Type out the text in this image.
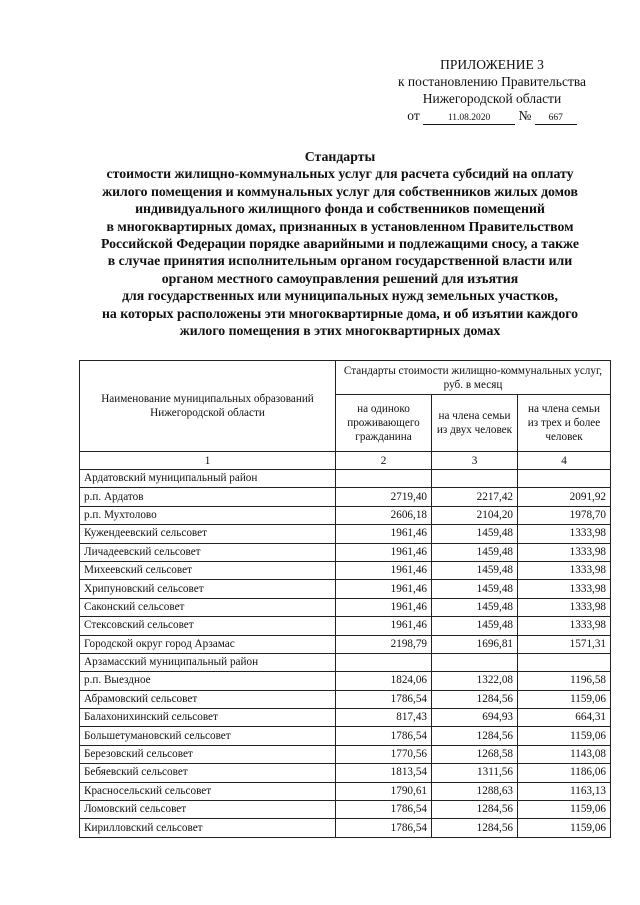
ПРИЛОЖЕНИЕ 3
к постановлению Правительства
Нижегородской области
от	11.08.2020 № 667
Стандарты
стоимости жилищно-коммунальных услуг для расчета субсидий на оплату
жилого помещения и коммунальных услуг для собственников жилых домов
индивидуального жилищного фонда и собственников помещений
в многоквартирных домах, признанных в установленном Правительством
Российской Федерации порядке аварийными и подлежащими сносу, а также
в случае принятия исполнительным органом государственной власти или
органом местного самоуправления решений для изъятия
для государственных или муниципальных нужд земельных участков,
на которых расположены эти многоквартирные дома, и об изъятии каждого
жилого помещения в этих многоквартирных домах
Наименование муниципальных образований Нижегородской области	Стандарты стоимости жилищно-коммунальных услуг, руб. в месяц		
	на одиноко проживающего гражданина	на члена семьи из двух человек	на члена семьи из трех и более человек
1	2	3	4
Ардатовский муниципальный район			
р.п. Ардатов	2719,40	2217,42	2091,92
р.п. Мухтолово	2606,18	2104,20	1978,70
Кужендеевский сельсовет	1961,46	1459,48	1333,98
Личадеевский сельсовет	1961,46	1459,48	1333,98
Михеевский сельсовет	1961,46	1459,48	1333,98
Хрипуновский сельсовет	1961,46	1459,48	1333,98
Саконский сельсовет	1961,46	1459,48	1333,98
Стексовский сельсовет	1961,46	1459,48	1333,98
Городской округ город Арзамас	2198,79	1696,81	1571,31
Арзамасский муниципальный район			
р.п. Выездное	1824,06	1322,08	1196,58
Абрамовский сельсовет	1786,54	1284,56	1159,06
Балахонихинский сельсовет	817,43	694,93	664,31
Большетумановский сельсовет	1786,54	1284,56	1159,06
Березовский сельсовет	1770,56	1268,58	1143,08
Бебяевский сельсовет	1813,54	1311,56	1186,06
Красносельский сельсовет	1790,61	1288,63	1163,13
Ломовский сельсовет	1786,54	1284,56	1159,06
Кирилловский сельсовет	1786,54	1284,56	1159,06
